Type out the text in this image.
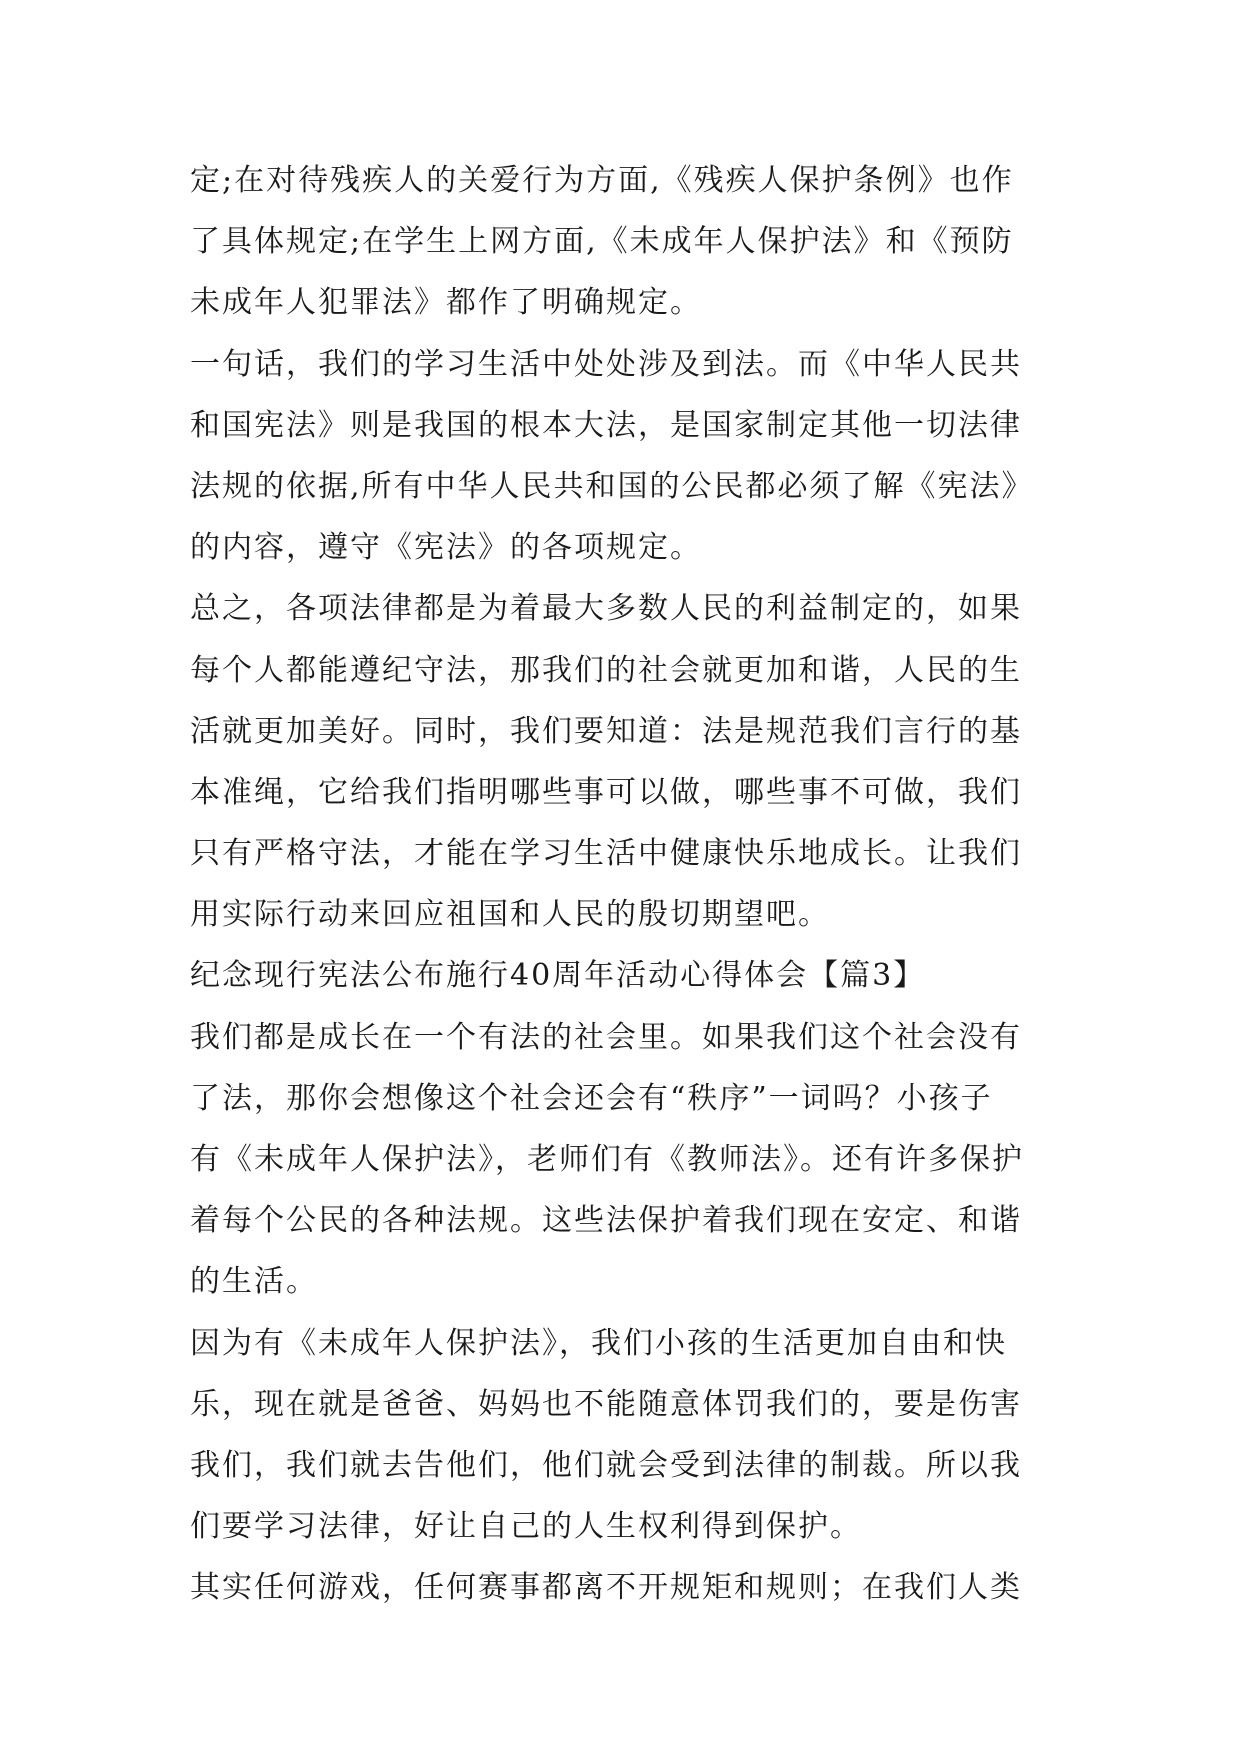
定;在对待残疾人的关爱行为方面,《残疾人保护条例》也作
了具体规定;在学生上网方面,《未成年人保护法》和《预防
未成年人犯罪法》都作了明确规定。
一句话，我们的学习生活中处处涉及到法。而《中华人民共
和国宪法》则是我国的根本大法，是国家制定其他一切法律
法规的依据,所有中华人民共和国的公民都必须了解《宪法》
的内容，遵守《宪法》的各项规定。
总之，各项法律都是为着最大多数人民的利益制定的，如果
每个人都能遵纪守法，那我们的社会就更加和谐，人民的生
活就更加美好。同时，我们要知道：法是规范我们言行的基
本准绳，它给我们指明哪些事可以做，哪些事不可做，我们
只有严格守法，才能在学习生活中健康快乐地成长。让我们
用实际行动来回应祖国和人民的殷切期望吧。
纪念现行宪法公布施行40周年活动心得体会【篇3】
我们都是成长在一个有法的社会里。如果我们这个社会没有
了法，那你会想像这个社会还会有“秩序”一词吗？小孩子
有《未成年人保护法》，老师们有《教师法》。还有许多保护
着每个公民的各种法规。这些法保护着我们现在安定、和谐
的生活。
因为有《未成年人保护法》，我们小孩的生活更加自由和快
乐，现在就是爸爸、妈妈也不能随意体罚我们的，要是伤害
我们，我们就去告他们，他们就会受到法律的制裁。所以我
们要学习法律，好让自己的人生权利得到保护。
其实任何游戏，任何赛事都离不开规矩和规则；在我们人类
